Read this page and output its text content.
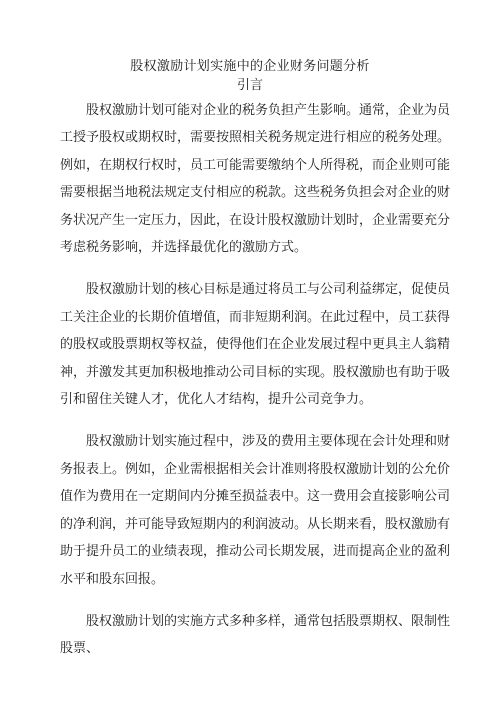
股权激励计划实施中的企业财务问题分析
引言

股权激励计划可能对企业的税务负担产生影响。通常，企业为员工授予股权或期权时，需要按照相关税务规定进行相应的税务处理。例如，在期权行权时，员工可能需要缴纳个人所得税，而企业则可能需要根据当地税法规定支付相应的税款。这些税务负担会对企业的财务状况产生一定压力，因此，在设计股权激励计划时，企业需要充分考虑税务影响，并选择最优化的激励方式。

股权激励计划的核心目标是通过将员工与公司利益绑定，促使员工关注企业的长期价值增值，而非短期利润。在此过程中，员工获得的股权或股票期权等权益，使得他们在企业发展过程中更具主人翁精神，并激发其更加积极地推动公司目标的实现。股权激励也有助于吸引和留住关键人才，优化人才结构，提升公司竞争力。

股权激励计划实施过程中，涉及的费用主要体现在会计处理和财务报表上。例如，企业需根据相关会计准则将股权激励计划的公允价值作为费用在一定期间内分摊至损益表中。这一费用会直接影响公司的净利润，并可能导致短期内的利润波动。从长期来看，股权激励有助于提升员工的业绩表现，推动公司长期发展，进而提高企业的盈利水平和股东回报。

股权激励计划的实施方式多种多样，通常包括股票期权、限制性股票、
